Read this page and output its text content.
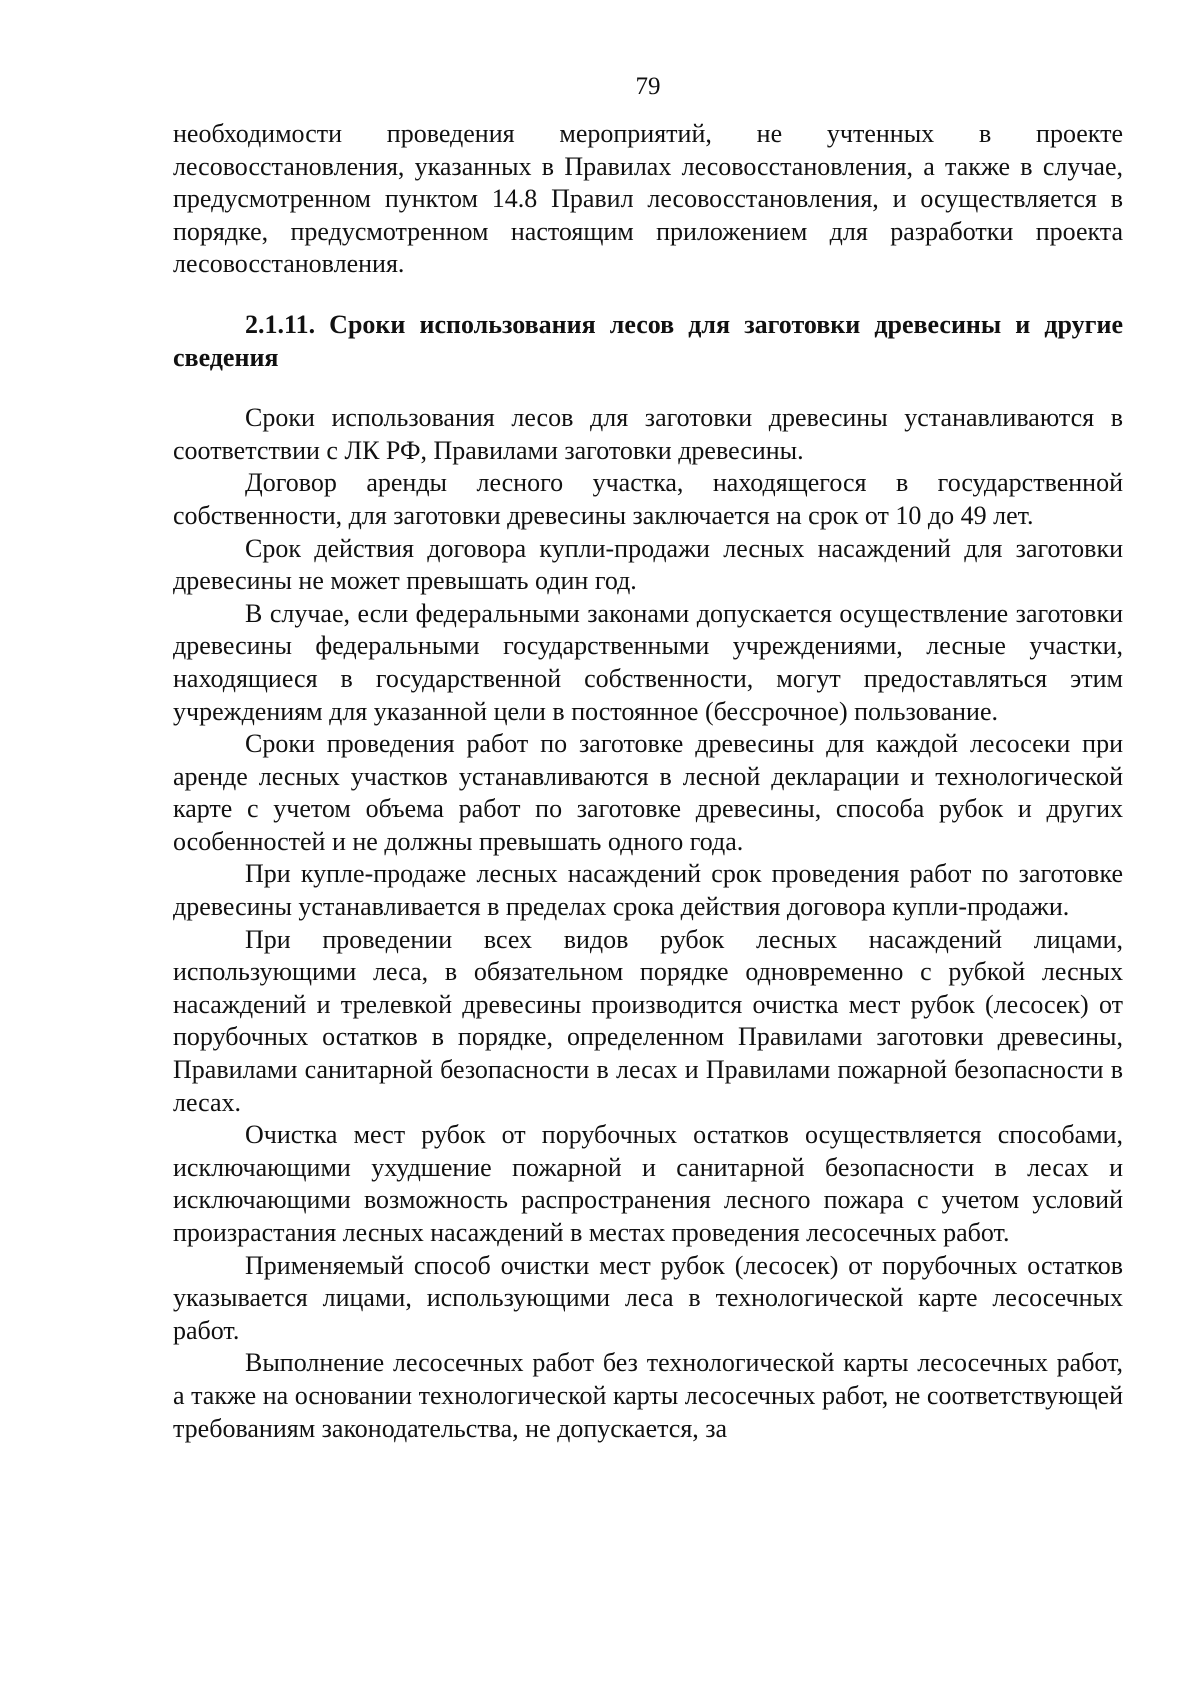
79

необходимости проведения мероприятий, не учтенных в проекте лесовосстановления, указанных в Правилах лесовосстановления, а также в случае, предусмотренном пунктом 14.8 Правил лесовосстановления, и осуществляется в порядке, предусмотренном настоящим приложением для разработки проекта лесовосстановления.

2.1.11. Сроки использования лесов для заготовки древесины и другие сведения

Сроки использования лесов для заготовки древесины устанавливаются в соответствии с ЛК РФ, Правилами заготовки древесины.

Договор аренды лесного участка, находящегося в государственной собственности, для заготовки древесины заключается на срок от 10 до 49 лет.

Срок действия договора купли-продажи лесных насаждений для заготовки древесины не может превышать один год.

В случае, если федеральными законами допускается осуществление заготовки древесины федеральными государственными учреждениями, лесные участки, находящиеся в государственной собственности, могут предоставляться этим учреждениям для указанной цели в постоянное (бессрочное) пользование.

Сроки проведения работ по заготовке древесины для каждой лесосеки при аренде лесных участков устанавливаются в лесной декларации и технологической карте с учетом объема работ по заготовке древесины, способа рубок и других особенностей и не должны превышать одного года.

При купле-продаже лесных насаждений срок проведения работ по заготовке древесины устанавливается в пределах срока действия договора купли-продажи.

При проведении всех видов рубок лесных насаждений лицами, использующими леса, в обязательном порядке одновременно с рубкой лесных насаждений и трелевкой древесины производится очистка мест рубок (лесосек) от порубочных остатков в порядке, определенном Правилами заготовки древесины, Правилами санитарной безопасности в лесах и Правилами пожарной безопасности в лесах.

Очистка мест рубок от порубочных остатков осуществляется способами, исключающими ухудшение пожарной и санитарной безопасности в лесах и исключающими возможность распространения лесного пожара с учетом условий произрастания лесных насаждений в местах проведения лесосечных работ.

Применяемый способ очистки мест рубок (лесосек) от порубочных остатков указывается лицами, использующими леса в технологической карте лесосечных работ.

Выполнение лесосечных работ без технологической карты лесосечных работ, а также на основании технологической карты лесосечных работ, не соответствующей требованиям законодательства, не допускается, за
